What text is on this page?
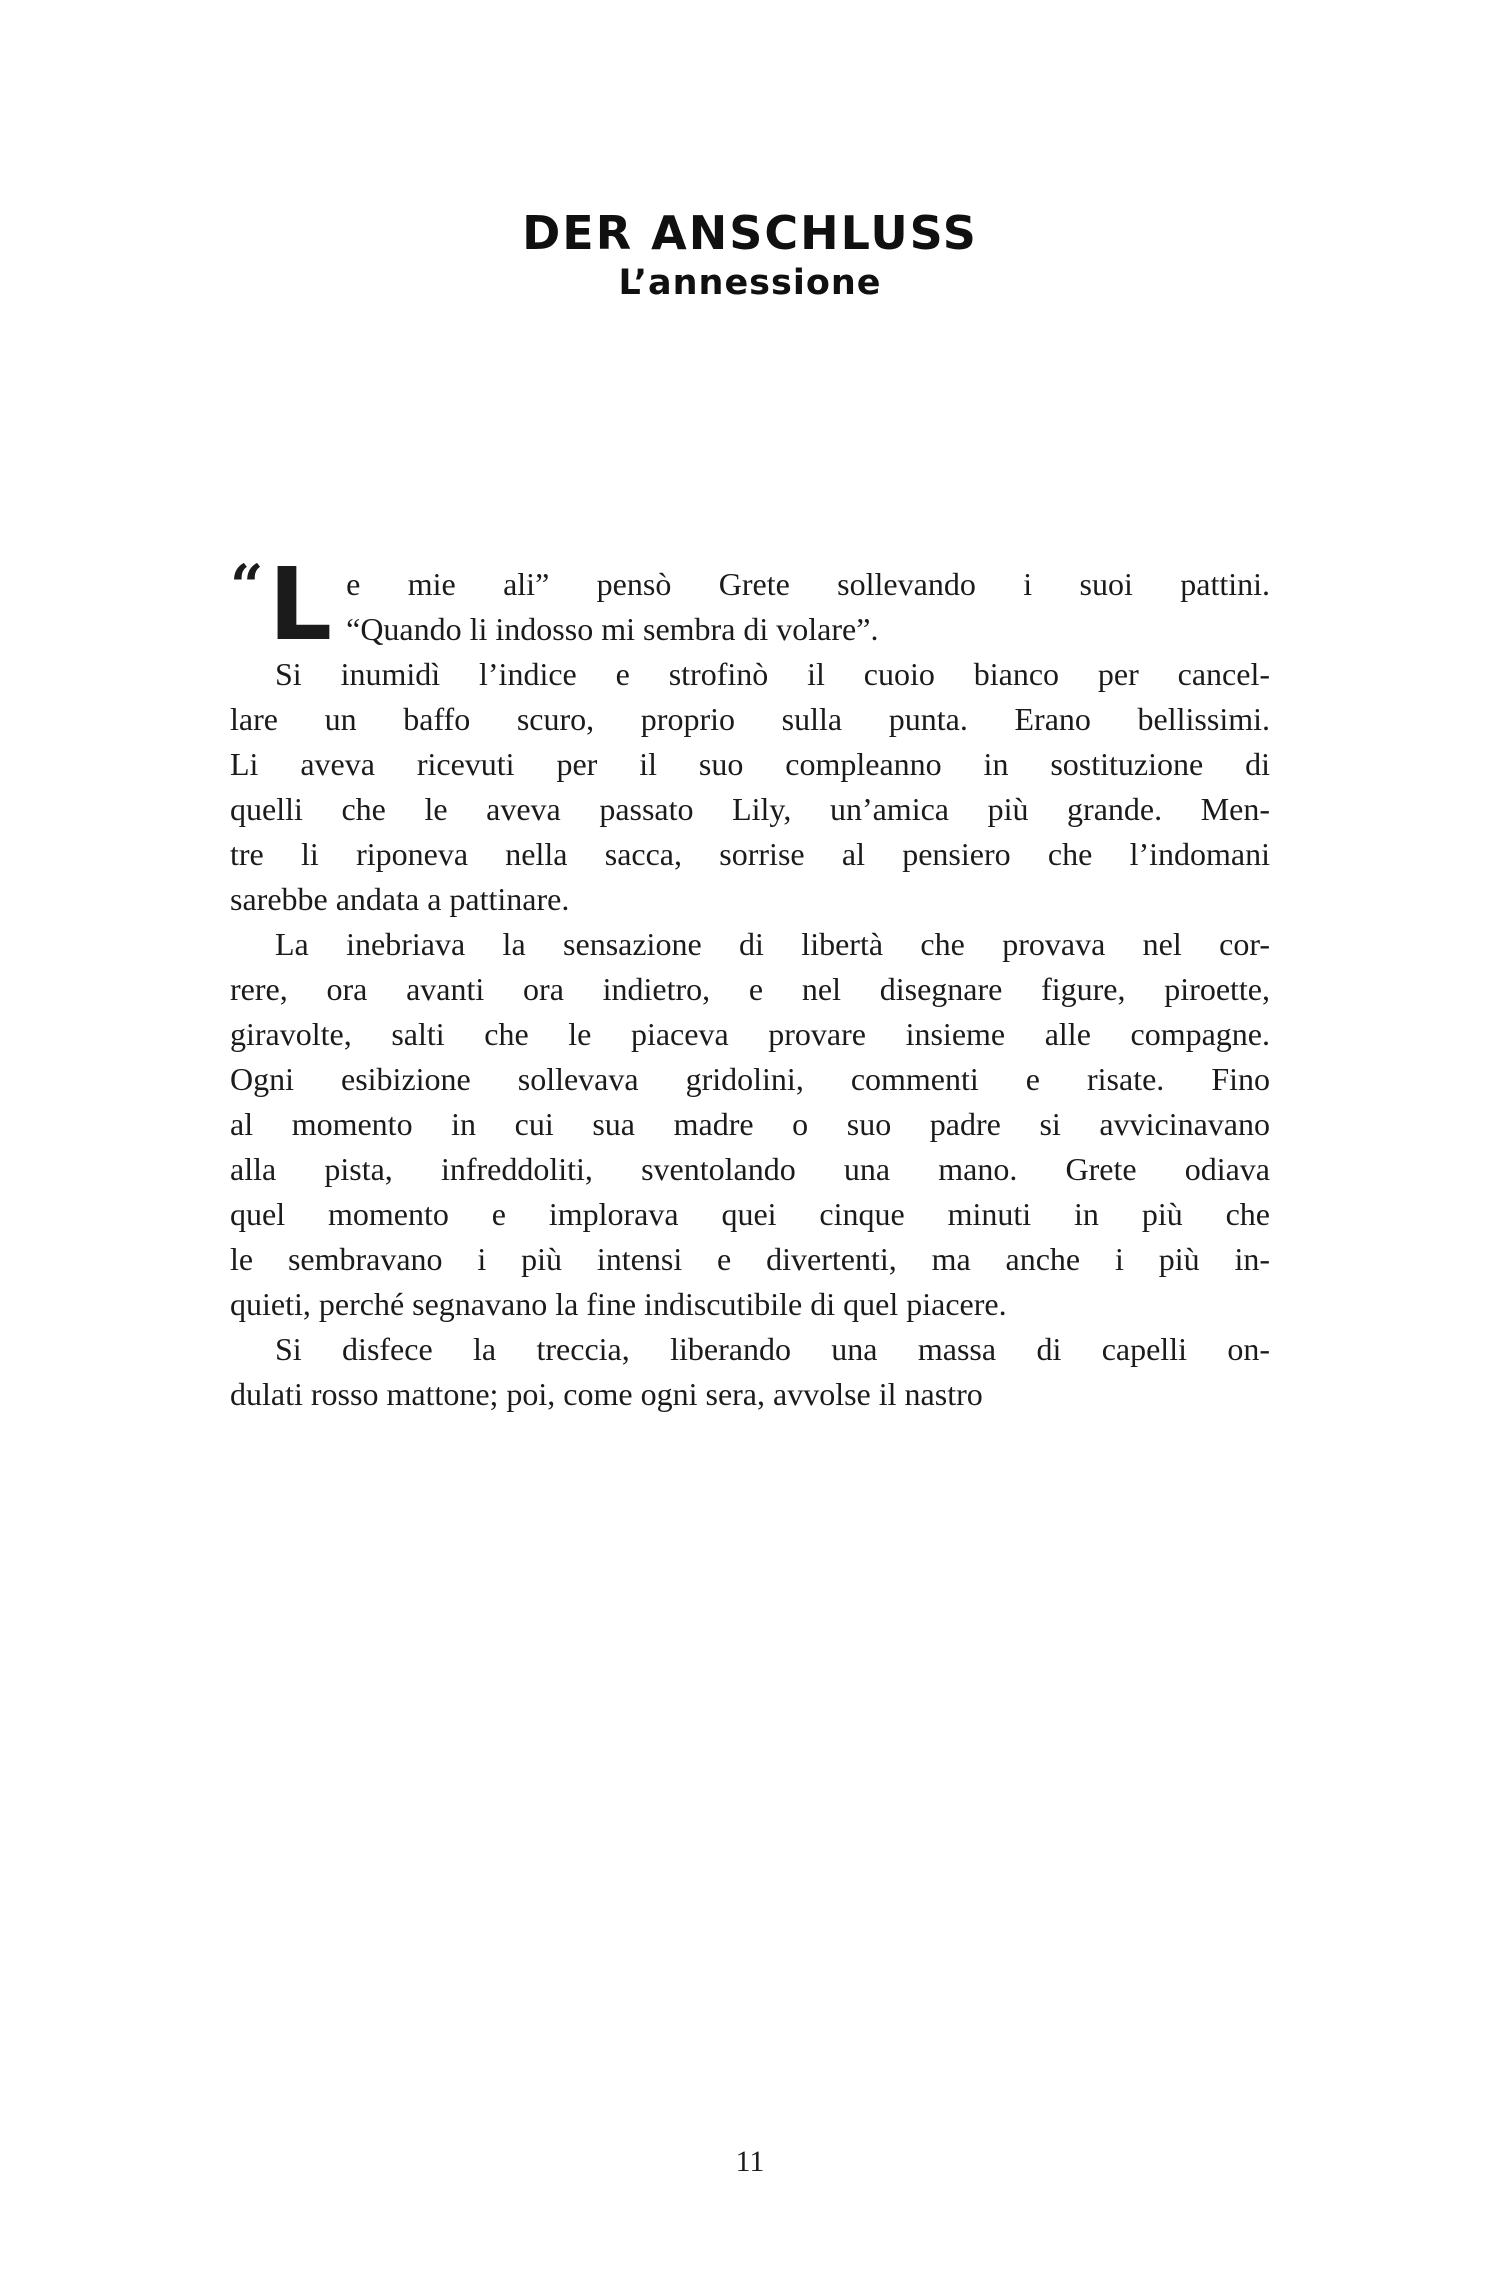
DER ANSCHLUSS
L’annessione
“ L e mie ali” pensò Grete sollevando i suoi pattini.
“Quando li indosso mi sembra di volare”.
Si inumidì l’indice e strofinò il cuoio bianco per cancel-
lare un baffo scuro, proprio sulla punta. Erano bellissimi.
Li aveva ricevuti per il suo compleanno in sostituzione di
quelli che le aveva passato Lily, un’amica più grande. Men-
tre li riponeva nella sacca, sorrise al pensiero che l’indomani
sarebbe andata a pattinare.
La inebriava la sensazione di libertà che provava nel cor-
rere, ora avanti ora indietro, e nel disegnare figure, piroette,
giravolte, salti che le piaceva provare insieme alle compagne.
Ogni esibizione sollevava gridolini, commenti e risate. Fino
al momento in cui sua madre o suo padre si avvicinavano
alla pista, infreddoliti, sventolando una mano. Grete odiava
quel momento e implorava quei cinque minuti in più che
le sembravano i più intensi e divertenti, ma anche i più in-
quieti, perché segnavano la fine indiscutibile di quel piacere.
Si disfece la treccia, liberando una massa di capelli on-
dulati rosso mattone; poi, come ogni sera, avvolse il nastro
11
